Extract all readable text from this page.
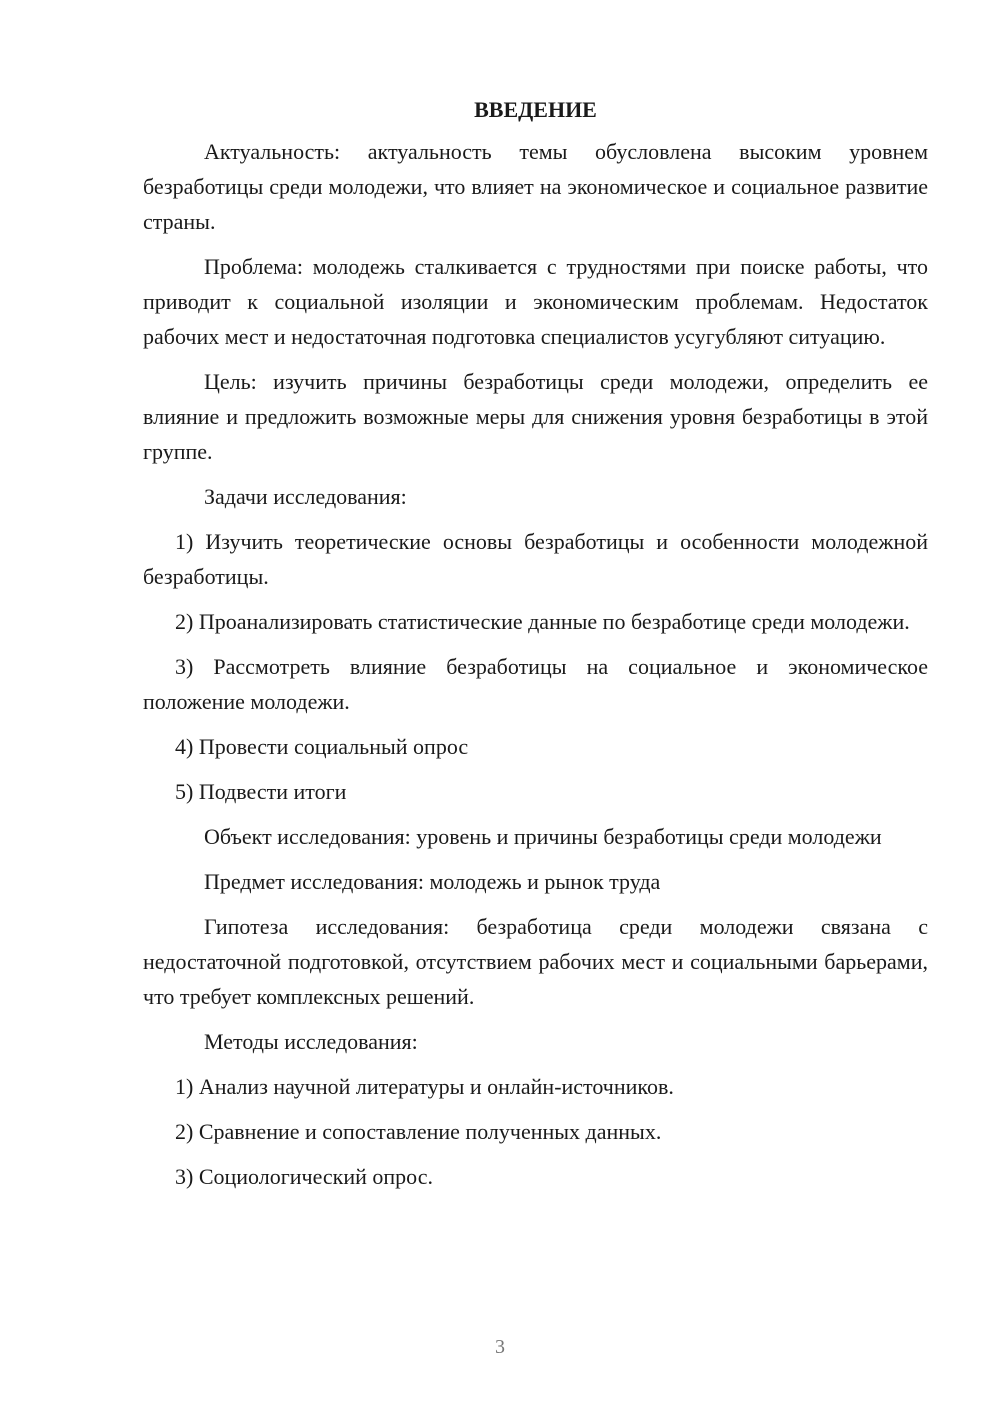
ВВЕДЕНИЕ

Актуальность: актуальность темы обусловлена высоким уровнем безработицы среди молодежи, что влияет на экономическое и социальное развитие страны.

Проблема: молодежь сталкивается с трудностями при поиске работы, что приводит к социальной изоляции и экономическим проблемам. Недостаток рабочих мест и недостаточная подготовка специалистов усугубляют ситуацию.

Цель: изучить причины безработицы среди молодежи, определить ее влияние и предложить возможные меры для снижения уровня безработицы в этой группе.

Задачи исследования:

1) Изучить теоретические основы безработицы и особенности молодежной безработицы.

2) Проанализировать статистические данные по безработице среди молодежи.

3) Рассмотреть влияние безработицы на социальное и экономическое положение молодежи.

4) Провести социальный опрос

5) Подвести итоги

Объект исследования: уровень и причины безработицы среди молодежи

Предмет исследования: молодежь и рынок труда

Гипотеза исследования: безработица среди молодежи связана с недостаточной подготовкой, отсутствием рабочих мест и социальными барьерами, что требует комплексных решений.

Методы исследования:

1) Анализ научной литературы и онлайн-источников.

2) Сравнение и сопоставление полученных данных.

3) Социологический опрос.

3
